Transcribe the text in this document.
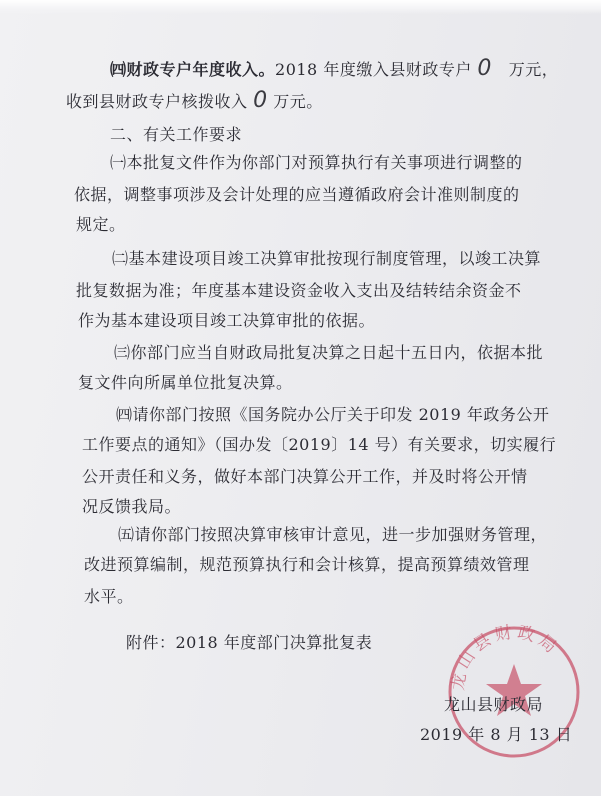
㈣财政专户年度收入。2018 年度缴入县财政专户 0 万元，
收到县财政专户核拨收入 0 万元。
二、有关工作要求
㈠本批复文件作为你部门对预算执行有关事项进行调整的
依据，调整事项涉及会计处理的应当遵循政府会计准则制度的
规定。
㈡基本建设项目竣工决算审批按现行制度管理，以竣工决算
批复数据为准；年度基本建设资金收入支出及结转结余资金不
作为基本建设项目竣工决算审批的依据。
㈢你部门应当自财政局批复决算之日起十五日内，依据本批
复文件向所属单位批复决算。
㈣请你部门按照《国务院办公厅关于印发 2019 年政务公开
工作要点的通知》（国办发〔2019〕14 号）有关要求，切实履行
公开责任和义务，做好本部门决算公开工作，并及时将公开情
况反馈我局。
㈤请你部门按照决算审核审计意见，进一步加强财务管理，
改进预算编制，规范预算执行和会计核算，提高预算绩效管理
水平。
附件：2018 年度部门决算批复表
龙山县财政局
龙山县财政局
2019 年 8 月 13 日
